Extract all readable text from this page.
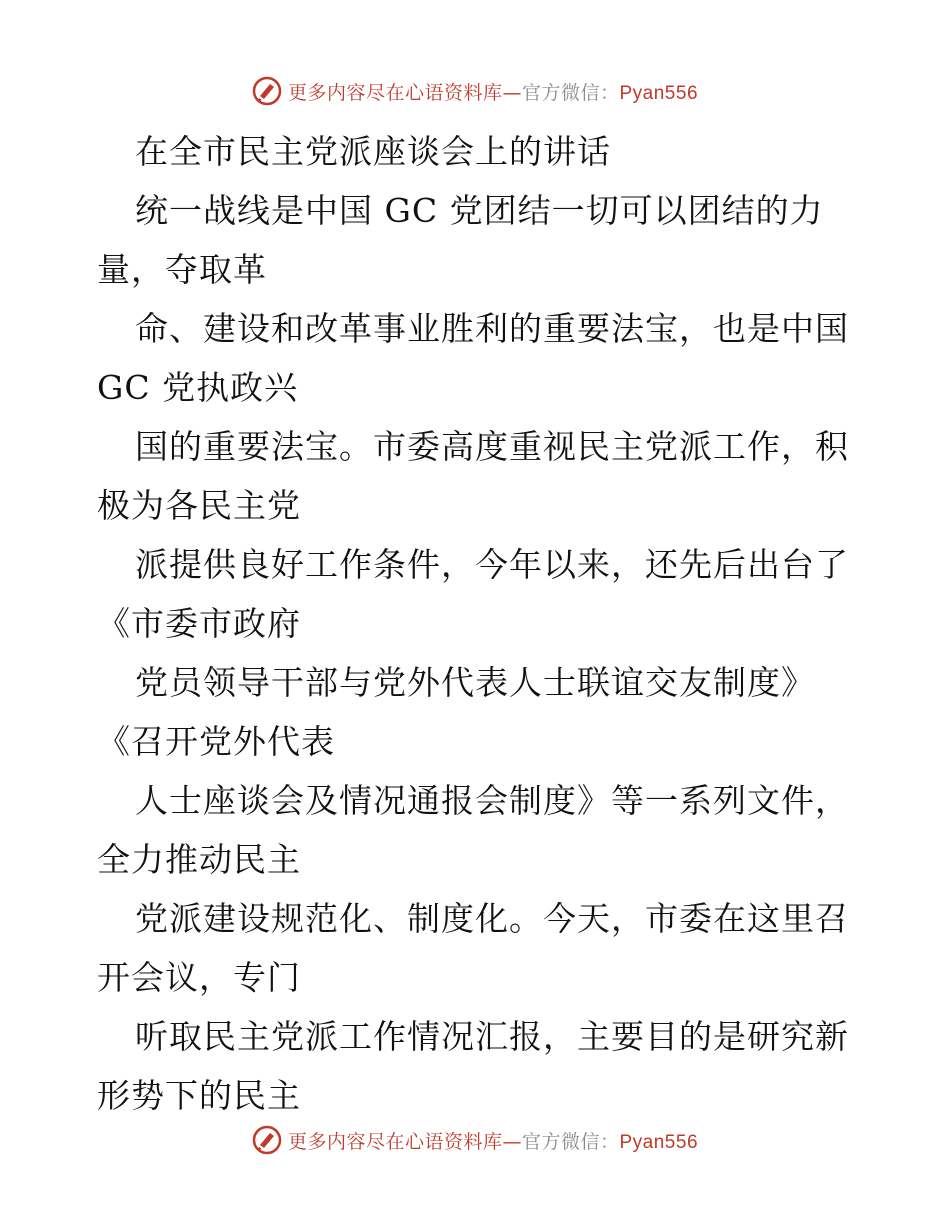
更多内容尽在心语资料库—官方微信：Pyan556
在全市民主党派座谈会上的讲话
统一战线是中国 GC 党团结一切可以团结的力
量，夺取革
命、建设和改革事业胜利的重要法宝，也是中国
GC 党执政兴
国的重要法宝。市委高度重视民主党派工作，积
极为各民主党
派提供良好工作条件，今年以来，还先后出台了
《市委市政府
党员领导干部与党外代表人士联谊交友制度》
《召开党外代表
人士座谈会及情况通报会制度》等一系列文件，
全力推动民主
党派建设规范化、制度化。今天，市委在这里召
开会议，专门
听取民主党派工作情况汇报，主要目的是研究新
形势下的民主
更多内容尽在心语资料库—官方微信：Pyan556
